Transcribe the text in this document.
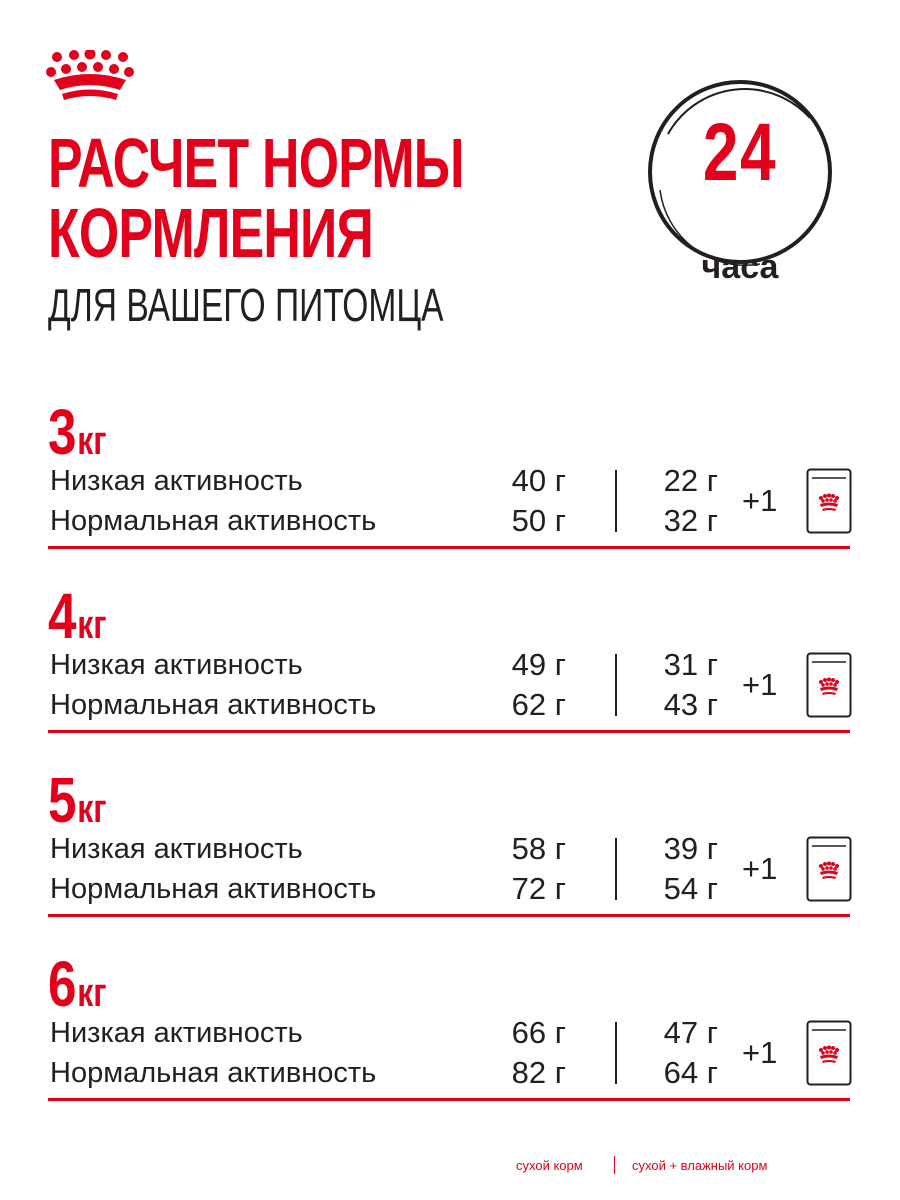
РАСЧЕТ НОРМЫ
КОРМЛЕНИЯ
ДЛЯ ВАШЕГО ПИТОМЦА
24
часа
3кг
Низкая активность
Нормальная активность
40 г
50 г
22 г
32 г
+1
4кг
Низкая активность
Нормальная активность
49 г
62 г
31 г
43 г
+1
5кг
Низкая активность
Нормальная активность
58 г
72 г
39 г
54 г
+1
6кг
Низкая активность
Нормальная активность
66 г
82 г
47 г
64 г
+1
сухой корм	сухой + влажный корм
